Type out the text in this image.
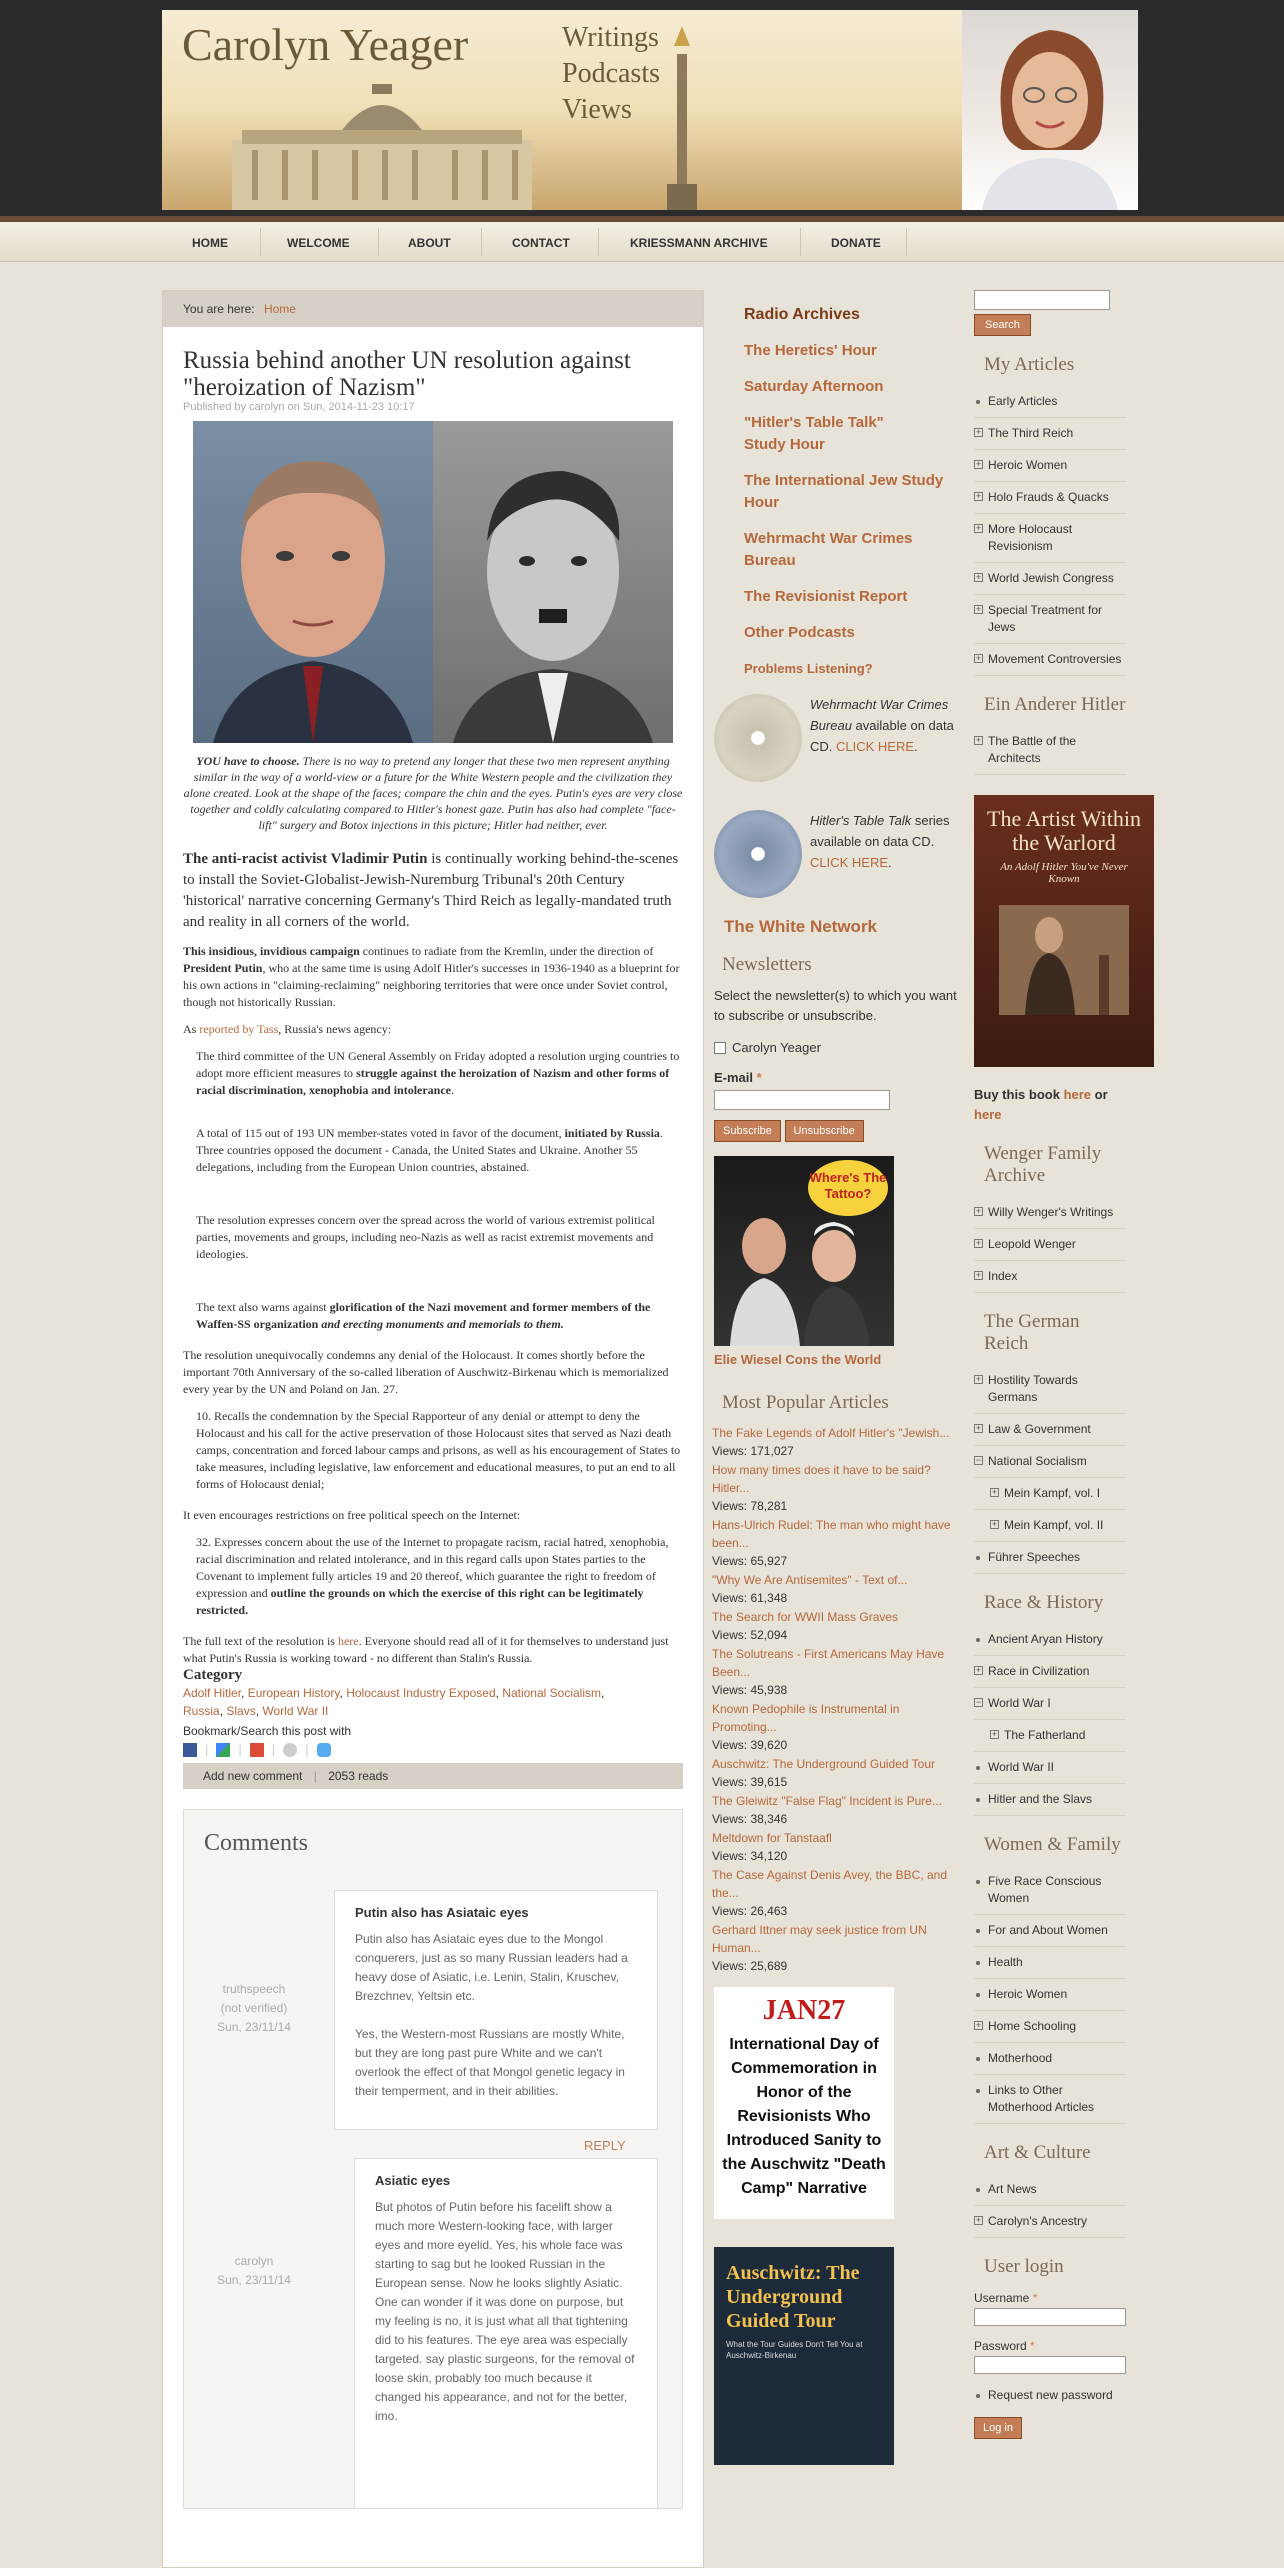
Carolyn Yeager	Writings
Podcasts
Views
HOME	WELCOME	ABOUT	CONTACT	KRIESSMANN ARCHIVE	DONATE
You are here: Home
Russia behind another UN resolution against "heroization of Nazism"
Published by carolyn on Sun, 2014-11-23 10:17
YOU have to choose. There is no way to pretend any longer that these two men represent anything similar in the way of a world-view or a future for the White Western people and the civilization they alone created. Look at the shape of the faces; compare the chin and the eyes. Putin's eyes are very close together and coldly calculating compared to Hitler's honest gaze. Putin has also had complete "face-lift" surgery and Botox injections in this picture; Hitler had neither, ever.

The anti-racist activist Vladimir Putin is continually working behind-the-scenes to install the Soviet-Globalist-Jewish-Nuremburg Tribunal's 20th Century 'historical' narrative concerning Germany's Third Reich as legally-mandated truth and reality in all corners of the world.

This insidious, invidious campaign continues to radiate from the Kremlin, under the direction of President Putin, who at the same time is using Adolf Hitler's successes in 1936-1940 as a blueprint for his own actions in "claiming-reclaiming" neighboring territories that were once under Soviet control, though not historically Russian.

As reported by Tass, Russia's news agency:

The third committee of the UN General Assembly on Friday adopted a resolution urging countries to adopt more efficient measures to struggle against the heroization of Nazism and other forms of racial discrimination, xenophobia and intolerance.

A total of 115 out of 193 UN member-states voted in favor of the document, initiated by Russia. Three countries opposed the document - Canada, the United States and Ukraine. Another 55 delegations, including from the European Union countries, abstained.

The resolution expresses concern over the spread across the world of various extremist political parties, movements and groups, including neo-Nazis as well as racist extremist movements and ideologies.

The text also warns against glorification of the Nazi movement and former members of the Waffen-SS organization and erecting monuments and memorials to them.

The resolution unequivocally condemns any denial of the Holocaust. It comes shortly before the important 70th Anniversary of the so-called liberation of Auschwitz-Birkenau which is memorialized every year by the UN and Poland on Jan. 27.

10. Recalls the condemnation by the Special Rapporteur of any denial or attempt to deny the Holocaust and his call for the active preservation of those Holocaust sites that served as Nazi death camps, concentration and forced labour camps and prisons, as well as his encouragement of States to take measures, including legislative, law enforcement and educational measures, to put an end to all forms of Holocaust denial;

It even encourages restrictions on free political speech on the Internet:

32. Expresses concern about the use of the Internet to propagate racism, racial hatred, xenophobia, racial discrimination and related intolerance, and in this regard calls upon States parties to the Covenant to implement fully articles 19 and 20 thereof, which guarantee the right to freedom of expression and outline the grounds on which the exercise of this right can be legitimately restricted.

The full text of the resolution is here. Everyone should read all of it for themselves to understand just what Putin's Russia is working toward - no different than Stalin's Russia.

Category
Adolf Hitler, European History, Holocaust Industry Exposed, National Socialism,
Russia, Slavs, World War II
Bookmark/Search this post with
| | | |
Add new comment | 2053 reads
Comments
truthspeech
(not verified)
Sun, 23/11/14
Putin also has Asiataic eyes

Putin also has Asiataic eyes due to the Mongol conquerers, just as so many Russian leaders had a heavy dose of Asiatic, i.e. Lenin, Stalin, Kruschev, Brezchnev, Yeltsin etc.

Yes, the Western-most Russians are mostly White, but they are long past pure White and we can't overlook the effect of that Mongol genetic legacy in their temperment, and in their abilities.

REPLY
carolyn
Sun, 23/11/14
Asiatic eyes

But photos of Putin before his facelift show a much more Western-looking face, with larger eyes and more eyelid. Yes, his whole face was starting to sag but he looked Russian in the European sense. Now he looks slightly Asiatic. One can wonder if it was done on purpose, but my feeling is no, it is just what all that tightening did to his features. The eye area was especially targeted. say plastic surgeons, for the removal of loose skin, probably too much because it changed his appearance, and not for the better, imo.

Radio Archives
The Heretics' Hour
Saturday Afternoon
"Hitler's Table Talk" Study Hour
The International Jew Study Hour
Wehrmacht War Crimes Bureau
The Revisionist Report
Other Podcasts
Problems Listening?
Wehrmacht War Crimes Bureau available on data CD. CLICK HERE.
Hitler's Table Talk series available on data CD. CLICK HERE.
The White Network
Newsletters
Select the newsletter(s) to which you want to subscribe or unsubscribe.
Carolyn Yeager
E-mail *
Subscribe Unsubscribe
Where's The Tattoo?
Elie Wiesel Cons the World
Most Popular Articles
The Fake Legends of Adolf Hitler's "Jewish...
Views: 171,027
How many times does it have to be said? Hitler...
Views: 78,281
Hans-Ulrich Rudel: The man who might have been...
Views: 65,927
"Why We Are Antisemites" - Text of...
Views: 61,348
The Search for WWII Mass Graves
Views: 52,094
The Solutreans - First Americans May Have Been...
Views: 45,938
Known Pedophile is Instrumental in Promoting...
Views: 39,620
Auschwitz: The Underground Guided Tour
Views: 39,615
The Gleiwitz "False Flag" Incident is Pure...
Views: 38,346
Meltdown for Tanstaafl
Views: 34,120
The Case Against Denis Avey, the BBC, and the...
Views: 26,463
Gerhard Ittner may seek justice from UN Human...
Views: 25,689
JAN27
International Day of Commemoration in Honor of the Revisionists Who Introduced Sanity to the Auschwitz "Death Camp" Narrative
Auschwitz: The Underground Guided Tour
What the Tour Guides Don't Tell You at Auschwitz-Birkenau
Search
My Articles
Early Articles
+ The Third Reich
+ Heroic Women
+ Holo Frauds & Quacks
+ More Holocaust Revisionism
+ World Jewish Congress
+ Special Treatment for Jews
+ Movement Controversies
Ein Anderer Hitler
+ The Battle of the Architects
The Artist Within the Warlord
An Adolf Hitler You've Never Known
Buy this book here or
here
Wenger Family Archive
+ Willy Wenger's Writings
+ Leopold Wenger
+ Index
The German Reich
+ Hostility Towards Germans
+ Law & Government
− National Socialism
+ Mein Kampf, vol. I
+ Mein Kampf, vol. II
Führer Speeches
Race & History
Ancient Aryan History
+ Race in Civilization
− World War I
+ The Fatherland
World War II
Hitler and the Slavs
Women & Family
Five Race Conscious Women
For and About Women
Health
Heroic Women
+ Home Schooling
Motherhood
Links to Other Motherhood Articles
Art & Culture
Art News
+ Carolyn's Ancestry
User login
Username *
Password *
Request new password
Log in
